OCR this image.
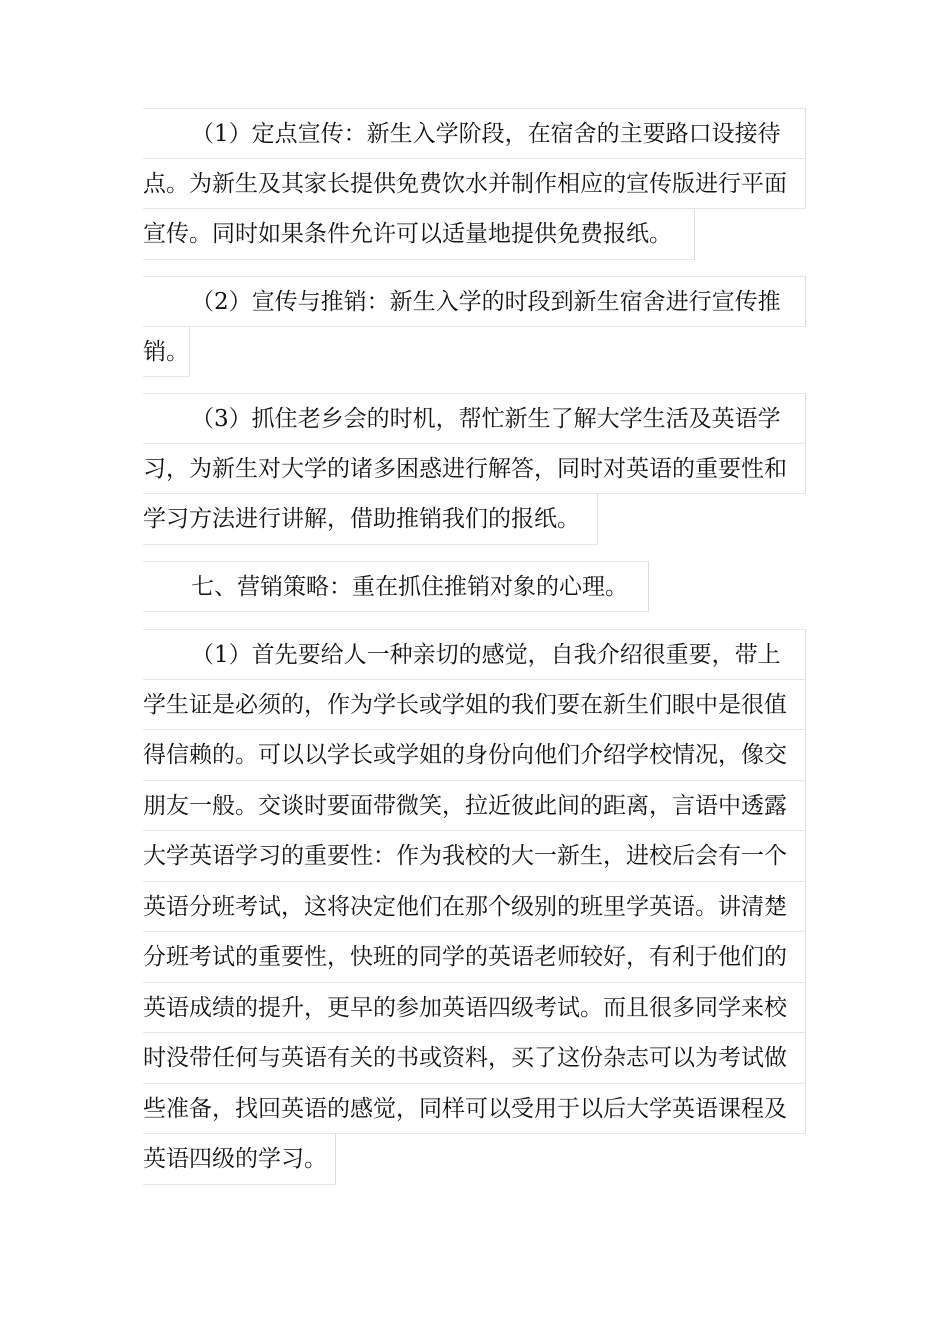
（1）定点宣传：新生入学阶段，在宿舍的主要路口设接待
点。为新生及其家长提供免费饮水并制作相应的宣传版进行平面
宣传。同时如果条件允许可以适量地提供免费报纸。
（2）宣传与推销：新生入学的时段到新生宿舍进行宣传推
销。
（3）抓住老乡会的时机，帮忙新生了解大学生活及英语学
习，为新生对大学的诸多困惑进行解答，同时对英语的重要性和
学习方法进行讲解，借助推销我们的报纸。
七、营销策略：重在抓住推销对象的心理。
（1）首先要给人一种亲切的感觉，自我介绍很重要，带上
学生证是必须的，作为学长或学姐的我们要在新生们眼中是很值
得信赖的。可以以学长或学姐的身份向他们介绍学校情况，像交
朋友一般。交谈时要面带微笑，拉近彼此间的距离，言语中透露
大学英语学习的重要性：作为我校的大一新生，进校后会有一个
英语分班考试，这将决定他们在那个级别的班里学英语。讲清楚
分班考试的重要性，快班的同学的英语老师较好，有利于他们的
英语成绩的提升，更早的参加英语四级考试。而且很多同学来校
时没带任何与英语有关的书或资料，买了这份杂志可以为考试做
些准备，找回英语的感觉，同样可以受用于以后大学英语课程及
英语四级的学习。
